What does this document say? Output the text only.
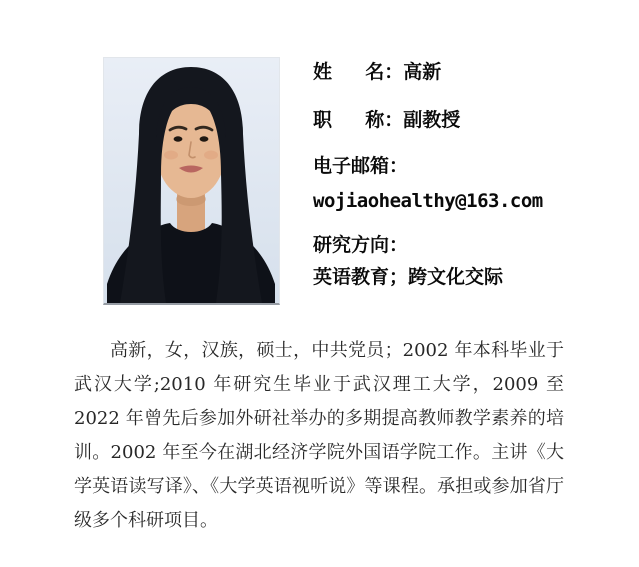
姓 名：高新
职 称：副教授
电子邮箱：
wojiaohealthy@163.com
研究方向：
英语教育；跨文化交际

高新，女，汉族，硕士，中共党员；2002 年本科毕业于武汉大学;2010 年研究生毕业于武汉理工大学，2009 至 2022 年曾先后参加外研社举办的多期提高教师教学素养的培训。2002 年至今在湖北经济学院外国语学院工作。主讲《大学英语读写译》、《大学英语视听说》等课程。承担或参加省厅级多个科研项目。
